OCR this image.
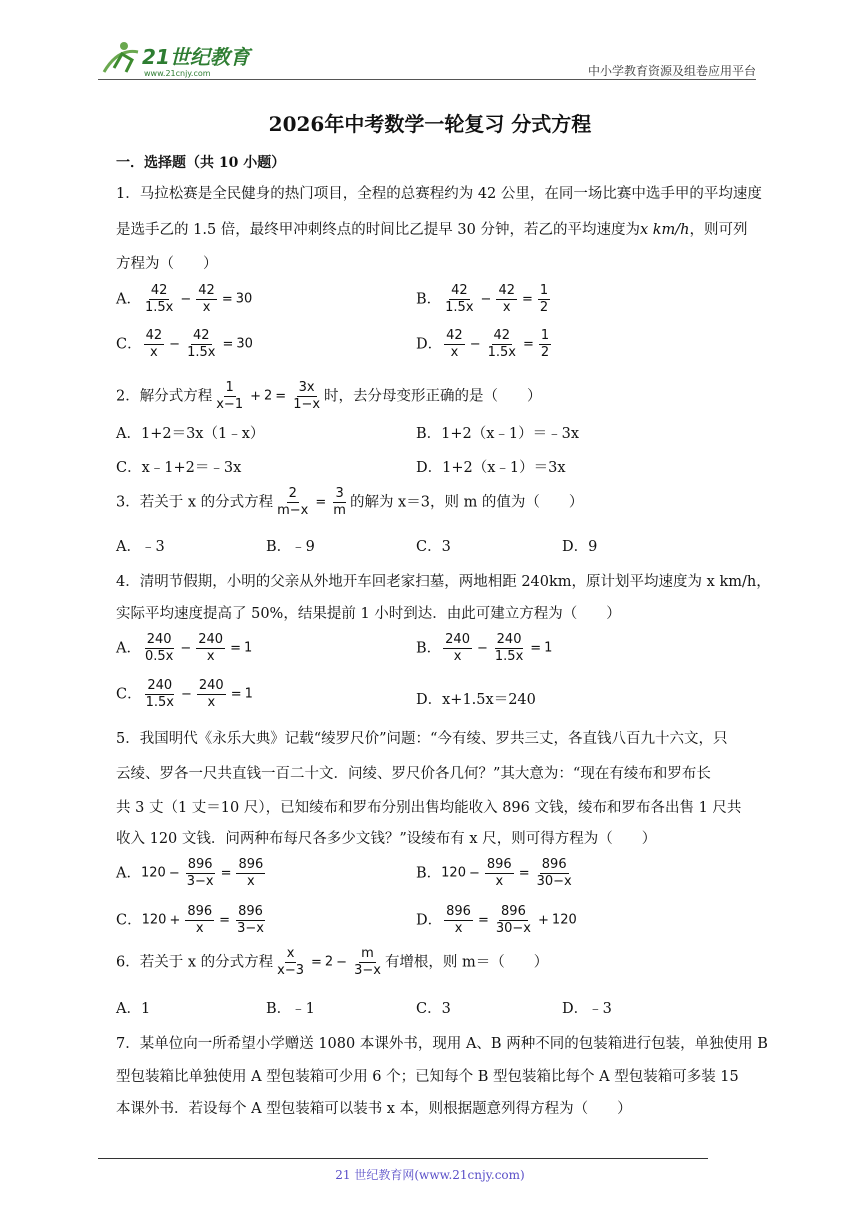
21世纪教育
www.21cnjy.com	中小学教育资源及组卷应用平台
2026年中考数学一轮复习 分式方程
一．选择题（共 10 小题）
1．马拉松赛是全民健身的热门项目，全程的总赛程约为 42 公里，在同一场比赛中选手甲的平均速度
是选手乙的 1.5 倍，最终甲冲刺终点的时间比乙提早 30 分钟，若乙的平均速度为x km/h，则可列
方程为（　　）
A． $\frac{42}{1.5x} - \frac{42}{x} = 30$	B． $\frac{42}{1.5x} - \frac{42}{x} = \frac{1}{2}$
C． $\frac{42}{x} - \frac{42}{1.5x} = 30$	D． $\frac{42}{x} - \frac{42}{1.5x} = \frac{1}{2}$
2．解分式方程 $\frac{1}{x-1} + 2 = \frac{3x}{1-x}$ 时，去分母变形正确的是（　　）
A．1+2＝3x（1﹣x）	B．1+2（x﹣1）＝﹣3x
C．x﹣1+2＝﹣3x	D．1+2（x﹣1）＝3x
3．若关于 x 的分式方程 $\frac{2}{m-x} = \frac{3}{m}$ 的解为 x＝3，则 m 的值为（　　）
A．﹣3	B．﹣9	C．3	D．9
4．清明节假期，小明的父亲从外地开车回老家扫墓，两地相距 240km，原计划平均速度为 x km/h，
实际平均速度提高了 50%，结果提前 1 小时到达．由此可建立方程为（　　）
A． $\frac{240}{0.5x} - \frac{240}{x} = 1$	B． $\frac{240}{x} - \frac{240}{1.5x} = 1$
C． $\frac{240}{1.5x} - \frac{240}{x} = 1$	D．x+1.5x＝240
5．我国明代《永乐大典》记载“绫罗尺价”问题：“今有绫、罗共三丈，各直钱八百九十六文，只
云绫、罗各一尺共直钱一百二十文．问绫、罗尺价各几何？”其大意为：“现在有绫布和罗布长
共 3 丈（1 丈＝10 尺），已知绫布和罗布分别出售均能收入 896 文钱，绫布和罗布各出售 1 尺共
收入 120 文钱．问两种布每尺各多少文钱？”设绫布有 x 尺，则可得方程为（　　）
A．$120 - \frac{896}{3-x} = \frac{896}{x}$	B．$120 - \frac{896}{x} = \frac{896}{30-x}$
C．$120 + \frac{896}{x} = \frac{896}{3-x}$	D． $\frac{896}{x} = \frac{896}{30-x} + 120$
6．若关于 x 的分式方程 $\frac{x}{x-3} = 2 - \frac{m}{3-x}$ 有增根，则 m＝（　　）
A．1	B．﹣1	C．3	D．﹣3
7．某单位向一所希望小学赠送 1080 本课外书，现用 A、B 两种不同的包装箱进行包装，单独使用 B
型包装箱比单独使用 A 型包装箱可少用 6 个；已知每个 B 型包装箱比每个 A 型包装箱可多装 15
本课外书．若设每个 A 型包装箱可以装书 x 本，则根据题意列得方程为（　　）
21 世纪教育网(www.21cnjy.com)
